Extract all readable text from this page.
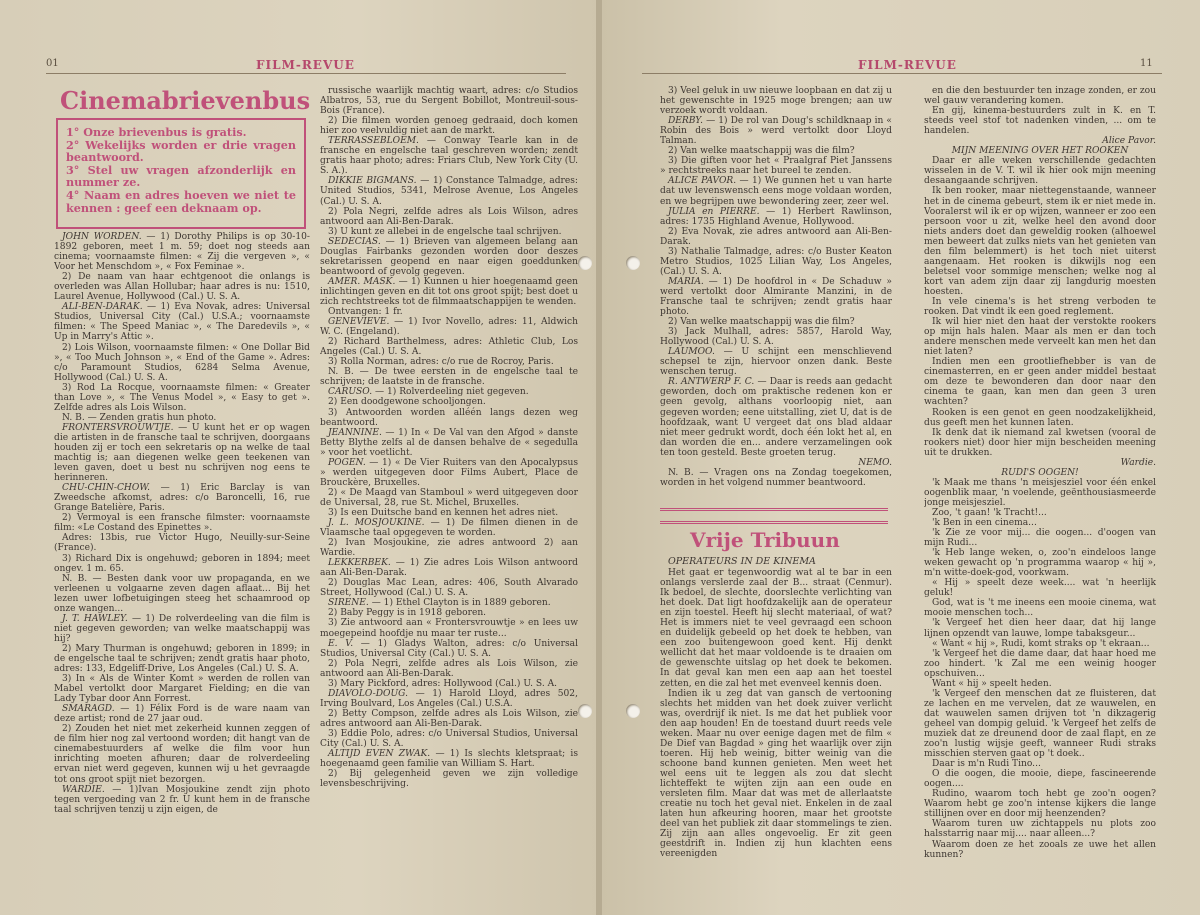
01	FILM-REVUE
Cinemabrievenbus
1° Onze brievenbus is gratis.
2° Wekelijks worden er drie vragen beantwoord.
3° Stel uw vragen afzonderlijk en nummer ze.
4° Naam en adres hoeven we niet te kennen : geef een deknaam op.

JOHN WORDEN. — 1) Dorothy Philips is op 30-10-1892 geboren, meet 1 m. 59; doet nog steeds aan cinema; voornaamste filmen: « Zij die vergeven », « Voor het Menschdom », « Fox Feminae ».

2) De naam van haar echtgenoot die onlangs is overleden was Allan Hollubar; haar adres is nu: 1510, Laurel Avenue, Hollywood (Cal.) U. S. A.

ALI-BEN-DARAK. — 1) Eva Novak, adres: Universal Studios, Universal City (Cal.) U.S.A.; voornaamste filmen: « The Speed Maniac », « The Daredevils », « Up in Marry's Attic ».

2) Lois Wilson, voornaamste filmen: « One Dollar Bid », « Too Much Johnson », « End of the Game ». Adres: c/o Paramount Studios, 6284 Selma Avenue, Hollywood (Cal.) U. S. A.

3) Rod La Rocque, voornaamste filmen: « Greater than Love », « The Venus Model », « Easy to get ». Zelfde adres als Lois Wilson.

N. B. — Zenden gratis hun photo.

FRONTERSVROUWTJE. — U kunt het er op wagen die artisten in de fransche taal te schrijven, doorgaans houden zij er toch een sekretaris op na welke de taal machtig is; aan diegenen welke geen teekenen van leven gaven, doet u best nu schrijven nog eens te herinneren.

CHU-CHIN-CHOW. — 1) Eric Barclay is van Zweedsche afkomst, adres: c/o Baroncelli, 16, rue Grange Batelière, Paris.

2) Vermoyal is een fransche filmster: voornaamste film: «Le Costand des Epinettes ».

Adres: 13bis, rue Victor Hugo, Neuilly-sur-Seine (France).

3) Richard Dix is ongehuwd; geboren in 1894; meet ongev. 1 m. 65.

N. B. — Besten dank voor uw propaganda, en we verleenen u volgaarne zeven dagen aflaat... Bij het lezen uwer lofbetuigingen steeg het schaamrood op onze wangen...

J. T. HAWLEY. — 1) De rolverdeeling van die film is niet gegeven geworden; van welke maatschappij was hij?

2) Mary Thurman is ongehuwd; geboren in 1899; in de engelsche taal te schrijven; zendt gratis haar photo, adres: 133, Edgeliff-Drive, Los Angeles (Cal.) U. S. A.

3) In « Als de Winter Komt » werden de rollen van Mabel vertolkt door Margaret Fielding; en die van Lady Tybar door Ann Forrest.

SMARAGD. — 1) Félix Ford is de ware naam van deze artist; rond de 27 jaar oud.

2) Zouden het niet met zekerheid kunnen zeggen of de film hier nog zal vertoond worden; dit hangt van de cinemabestuurders af welke die film voor hun inrichting moeten afhuren; daar de rolverdeeling ervan niet werd gegeven, kunnen wij u het gevraagde tot ons groot spijt niet bezorgen.

WARDIE. — 1)Ivan Mosjoukine zendt zijn photo tegen vergoeding van 2 fr. U kunt hem in de fransche taal schrijven tenzij u zijn eigen, de

russische waarlijk machtig waart, adres: c/o Studios Albatros, 53, rue du Sergent Bobillot, Montreuil-sous-Bois (France).

2) Die filmen worden genoeg gedraaid, doch komen hier zoo veelvuldig niet aan de markt.

TERRASSEBLOEM. — Conway Tearle kan in de fransche en engelsche taal geschreven worden; zendt gratis haar photo; adres: Friars Club, New York City (U. S. A.).

DIKKIE BIGMANS. — 1) Constance Talmadge, adres: United Studios, 5341, Melrose Avenue, Los Angeles (Cal.) U. S. A.

2) Pola Negri, zelfde adres als Lois Wilson, adres antwoord aan Ali-Ben-Darak.

3) U kunt ze allebei in de engelsche taal schrijven.

SEDECIAS. — 1) Brieven van algemeen belang aan Douglas Fairbanks gezonden worden door deszes sekretarissen geopend en naar eigen goeddunken beantwoord of gevolg gegeven.

AMER. MASK. — 1) Kunnen u hier hoegenaamd geen inlichtingen geven en dit tot ons groot spijt; best doet u zich rechtstreeks tot de filmmaatschappijen te wenden.

Ontvangen: 1 fr.

GENEVIEVE. — 1) Ivor Novello, adres: 11, Aldwich W. C. (Engeland).

2) Richard Barthelmess, adres: Athletic Club, Los Angeles (Cal.) U. S. A.

3) Rolla Norman, adres: c/o rue de Rocroy, Paris.

N. B. — De twee eersten in de engelsche taal te schrijven; de laatste in de fransche.

CARUSO. — 1) Rolverdeeling niet gegeven.

2) Een doodgewone schooljongen.

3) Antwoorden worden alléén langs dezen weg beantwoord.

JEANNINE. — 1) In « De Val van den Afgod » danste Betty Blythe zelfs al de dansen behalve de « segedulla » voor het voetlicht.

POGEN. — 1) « De Vier Ruiters van den Apocalypsus » werden uitgegeven door Films Aubert, Place de Brouckère, Bruxelles.

2) « De Maagd van Stamboul » werd uitgegeven door de Universal, 28, rue St. Michel, Bruxelles.

3) Is een Duitsche band en kennen het adres niet.

J. L. MOSJOUKINE. — 1) De filmen dienen in de Vlaamsche taal opgegeven te worden.

2) Ivan Mosjoukine, zie adres antwoord 2) aan Wardie.

LEKKERBEK. — 1) Zie adres Lois Wilson antwoord aan Ali-Ben-Darak.

2) Douglas Mac Lean, adres: 406, South Alvarado Street, Hollywood (Cal.) U. S. A.

SIRENE. — 1) Ethel Clayton is in 1889 geboren.

2) Baby Peggy is in 1918 geboren.

3) Zie antwoord aan « Frontersvrouwtje » en lees uw moegepeind hoofdje nu maar ter ruste...

E. V. — 1) Gladys Walton, adres: c/o Universal Studios, Universal City (Cal.) U. S. A.

2) Pola Negri, zelfde adres als Lois Wilson, zie antwoord aan Ali-Ben-Darak.

3) Mary Pickford, adres: Hollywood (Cal.) U. S. A.

DIAVOLO-DOUG. — 1) Harold Lloyd, adres 502, Irving Boulvard, Los Angeles (Cal.) U.S.A.

2) Betty Compson, zelfde adres als Lois Wilson, zie adres antwoord aan Ali-Ben-Darak.

3) Eddie Polo, adres: c/o Universal Studios, Universal City (Cal.) U. S. A.

ALTIJD EVEN ZWAK. — 1) Is slechts kletspraat; is hoegenaamd geen familie van William S. Hart.

2) Bij gelegenheid geven we zijn volledige levensbeschrijving.

FILM-REVUE	11

3) Veel geluk in uw nieuwe loopbaan en dat zij u het gewenschte in 1925 moge brengen; aan uw verzoek wordt voldaan.

DERBY. — 1) De rol van Doug's schildknaap in « Robin des Bois » werd vertolkt door Lloyd Talman.

2) Van welke maatschappij was die film?

3) Die giften voor het « Praalgraf Piet Janssens » rechtstreeks naar het bureel te zenden.

ALICE PAVOR. — 1) We gunnen het u van harte dat uw levenswensch eens moge voldaan worden, en we begrijpen uwe bewondering zeer, zeer wel.

JULIA en PIERRE. — 1) Herbert Rawlinson, adres: 1735 Highland Avenue, Hollywood.

2) Eva Novak, zie adres antwoord aan Ali-Ben-Darak.

3) Nathalie Talmadge, adres: c/o Buster Keaton Metro Studios, 1025 Lilian Way, Los Angeles, (Cal.) U. S. A.

MARIA. — 1) De hoofdrol in « De Schaduw » werd vertolkt door Almirante Manzini, in de Fransche taal te schrijven; zendt gratis haar photo.

2) Van welke maatschappij was die film?

3) Jack Mulhall, adres: 5857, Harold Way, Hollywood (Cal.) U. S. A.

LAUMOO. — U schijnt een menschlievend schepsel te zijn, hiervoor onzen dank. Beste wenschen terug.

R. ANTWERP F. C. — Daar is reeds aan gedacht geworden, doch om praktische redenen kon er geen gevolg, althans voorloopig niet, aan gegeven worden; eene uitstalling, ziet U, dat is de hoofdzaak, want U vergeet dat ons blad aldaar niet meer gedrukt wordt, doch één lokt het al, en dan worden die en... andere verzamelingen ook ten toon gesteld. Beste groeten terug.

NEMO.

N. B. — Vragen ons na Zondag toegekomen, worden in het volgend nummer beantwoord.

Het gaat er tegenwoordig wat al te bar in een onlangs verslerde zaal der B... straat (Cenmur). Ik bedoel, de slechte, doorslechte verlichting van het doek. Dat ligt hoofdzakelijk aan de operateur en zijn toestel. Heeft hij slecht materiaal, of wat? Het is immers niet te veel gevraagd een schoon en duidelijk gebeeld op het doek te hebben, van een zoo buitengewoon goed kent. Hij denkt wellicht dat het maar voldoende is te draaien om de gewenschte uitslag op het doek te bekomen. In dat geval kan men een aap aan het toestel zetten, en die zal het met evenveel kennis doen.

Indien ik u zeg dat van gansch de vertooning slechts het midden van het doek zuiver verlicht was, overdrijf ik niet. Is me dat het publiek voor den aap houden! En de toestand duurt reeds vele weken. Maar nu over eenige dagen met de film « De Dief van Bagdad » ging het waarlijk over zijn toeren. Hij heb weinig, bitter weinig van die schoone band kunnen genieten. Men weet het wel eens uit te leggen als zou dat slecht lichteffekt te wijten zijn aan een oude en versleten film. Maar dat was met de allerlaatste creatie nu toch het geval niet. Enkelen in de zaal laten hun afkeuring hooren, maar het grootste deel van het publiek zit daar stommelings te zien. Zij zijn aan alles ongevoelig. Er zit geen geestdrift in. Indien zij hun klachten eens vereenigden

en die den bestuurder ten inzage zonden, er zou wel gauw verandering komen.

En gij, kinema-bestuurders zult in K. en T. steeds veel stof tot nadenken vinden, ... om te handelen.

Alice Pavor.

MIJN MEENING OVER HET ROOKEN

Daar er alle weken verschillende gedachten wisselen in de V. T. wil ik hier ook mijn meening desaangaande schrijven.

Ik ben rooker, maar niettegenstaande, wanneer het in de cinema gebeurt, stem ik er niet mede in. Vooralerst wil ik er op wijzen, wanneer er zoo een persoon voor u zit, welke heel den avond door niets anders doet dan geweldig rooken (alhoewel men beweert dat zulks niets van het genieten van den film belemmert) is het toch niet uiterst aangenaam. Het rooken is dikwijls nog een beletsel voor sommige menschen; welke nog al kort van adem zijn daar zij langdurig moesten hoesten.

In vele cinema's is het streng verboden te rooken. Dat vindt ik een goed reglement.

Ik wil hier niet den haat der verstokte rookers op mijn hals halen. Maar als men er dan toch andere menschen mede verveelt kan men het dan niet laten?

Indien men een grootliefhebber is van de cinemasterren, en er geen ander middel bestaat om deze te bewonderen dan door naar den cinema te gaan, kan men dan geen 3 uren wachten?

Rooken is een genot en geen noodzakelijkheid, dus geeft men het kunnen laten.

Ik denk dat ik niemand zal kwetsen (vooral de rookers niet) door hier mijn bescheiden meening uit te drukken.

Wardie.

RUDI'S OOGEN!

'k Maak me thans 'n meisjesziel voor één enkel oogenblik maar, 'n voelende, geënthousiasmeerde jonge meisjesziel.

Zoo, 't gaan! 'k Tracht!...

'k Ben in een cinema...

'k Zie ze voor mij... die oogen... d'oogen van mijn Rudi...

'k Heb lange weken, o, zoo'n eindeloos lange weken gewacht op 'n programma waarop « hij », m'n witte-doek-god, voorkwam.

« Hij » speelt deze week.... wat 'n heerlijk geluk!

God, wat is 't me ineens een mooie cinema, wat mooie menschen toch...

'k Vergeef het dien heer daar, dat hij lange lijnen opzendt van lauwe, lompe tabaksgeur...

« Want « hij », Rudi, komt straks op 't ekraan...

'k Vergeef het die dame daar, dat haar hoed me zoo hindert. 'k Zal me een weinig hooger opschuiven...

Want « hij » speelt heden.

'k Vergeef den menschen dat ze fluisteren, dat ze lachen en me vervelen, dat ze wauwelen, en dat wauwelen samen drijven tot 'n dikzagerig geheel van dompig geluid. 'k Vergeef het zelfs de muziek dat ze dreunend door de zaal flapt, en ze zoo'n lustig wijsje geeft, wanneer Rudi straks misschien sterven gaat op 't doek..

Daar is m'n Rudi Tino...

O die oogen, die mooie, diepe, fascineerende oogen....

Rudino, waarom toch hebt ge zoo'n oogen? Waarom hebt ge zoo'n intense kijkers die lange stillijnen over en door mij heenzenden?

Waarom turen uw zichtappels nu plots zoo halsstarrig naar mij.... naar alleen...?

Waarom doen ze het zooals ze uwe het allen kunnen?

Vrije Tribuun
OPERATEURS IN DE KINEMA
